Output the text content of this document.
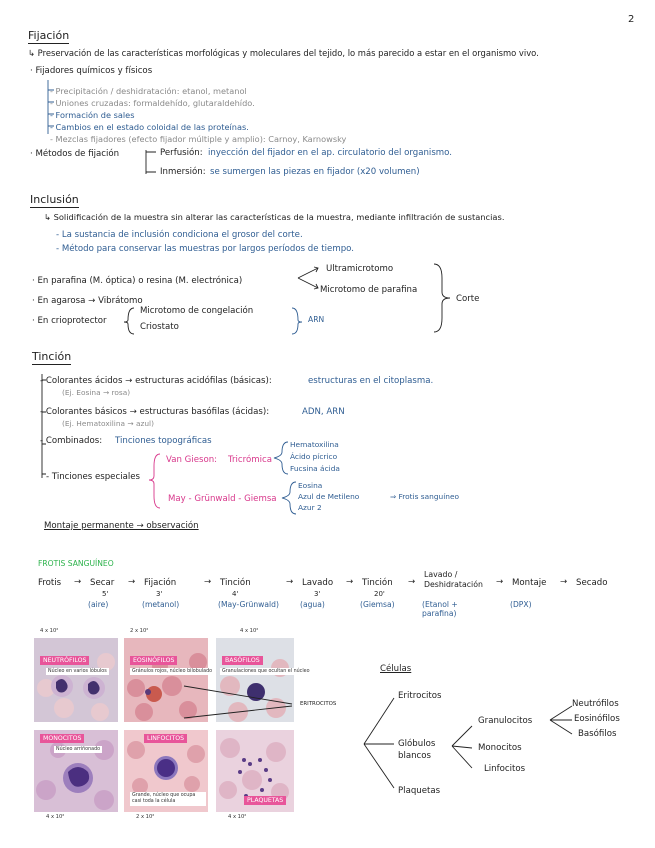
2
Fijación
↳ Preservación de las características morfológicas y moleculares del tejido, lo más parecido a estar en el organismo vivo.
· Fijadores químicos y físicos
- Precipitación / deshidratación: etanol, metanol
- Uniones cruzadas: formaldehído, glutaraldehído.
- Formación de sales
- Cambios en el estado coloidal de las proteínas.
- Mezclas fijadores (efecto fijador múltiple y amplio): Carnoy, Karnowsky
· Métodos de fijación	Perfusión: inyección del fijador en el ap. circulatorio del organismo.
Inmersión: se sumergen las piezas en fijador (x20 volumen)
Inclusión
↳ Solidificación de la muestra sin alterar las características de la muestra, mediante infiltración de sustancias.
- La sustancia de inclusión condiciona el grosor del corte.
- Método para conservar las muestras por largos períodos de tiempo.
· En parafina (M. óptica) o resina (M. electrónica)
· En agarosa → Vibrátomo
· En crioprotector
Ultramicrotomo
Microtomo de parafina
Microtomo de congelación
Criostato
ARN
Corte
Tinción
- Colorantes ácidos → estructuras acidófilas (básicas):	estructuras en el citoplasma.
(Ej. Eosina → rosa)
- Colorantes básicos → estructuras basófilas (ácidas):	ADN, ARN
(Ej. Hematoxilina → azul)
- Combinados: Tinciones topográficas
- Tinciones especiales
Van Gieson: Tricrómica
Hematoxilina
Ácido pícrico
Fucsina ácida
May - Grünwald - Giemsa
Eosina
Azul de Metileno
Azur 2
⇒ Frotis sanguíneo
Montaje permanente → observación
FROTIS SANGUÍNEO
Frotis → Secar
5'
(aire)
→ Fijación
3'
(metanol)
→ Tinción
4'
(May-Grünwald)
→ Lavado
3'
(agua)
→ Tinción
20'
(Giemsa)
→
Lavado / Deshidratación
(Etanol + parafina)
→ Montaje
(DPX)
→ Secado
NEUTRÓFILOS
Núcleo en varios lóbulos
4 x 10²
EOSINÓFILOS
Gránulos rojos, núcleo bilobulado
2 x 10²
BASÓFILOS
Granulaciones que ocultan el núcleo
4 x 10²
MONOCITOS
Núcleo arriñonado
4 x 10²
LINFOCITOS
Grande, núcleo que ocupa casi toda la célula
2 x 10²
PLAQUETAS
4 x 10²
ERITROCITOS
Células
Eritrocitos
Glóbulos blancos
Plaquetas
Granulocitos
Monocitos
Linfocitos
Neutrófilos
Eosinófilos
Basófilos
